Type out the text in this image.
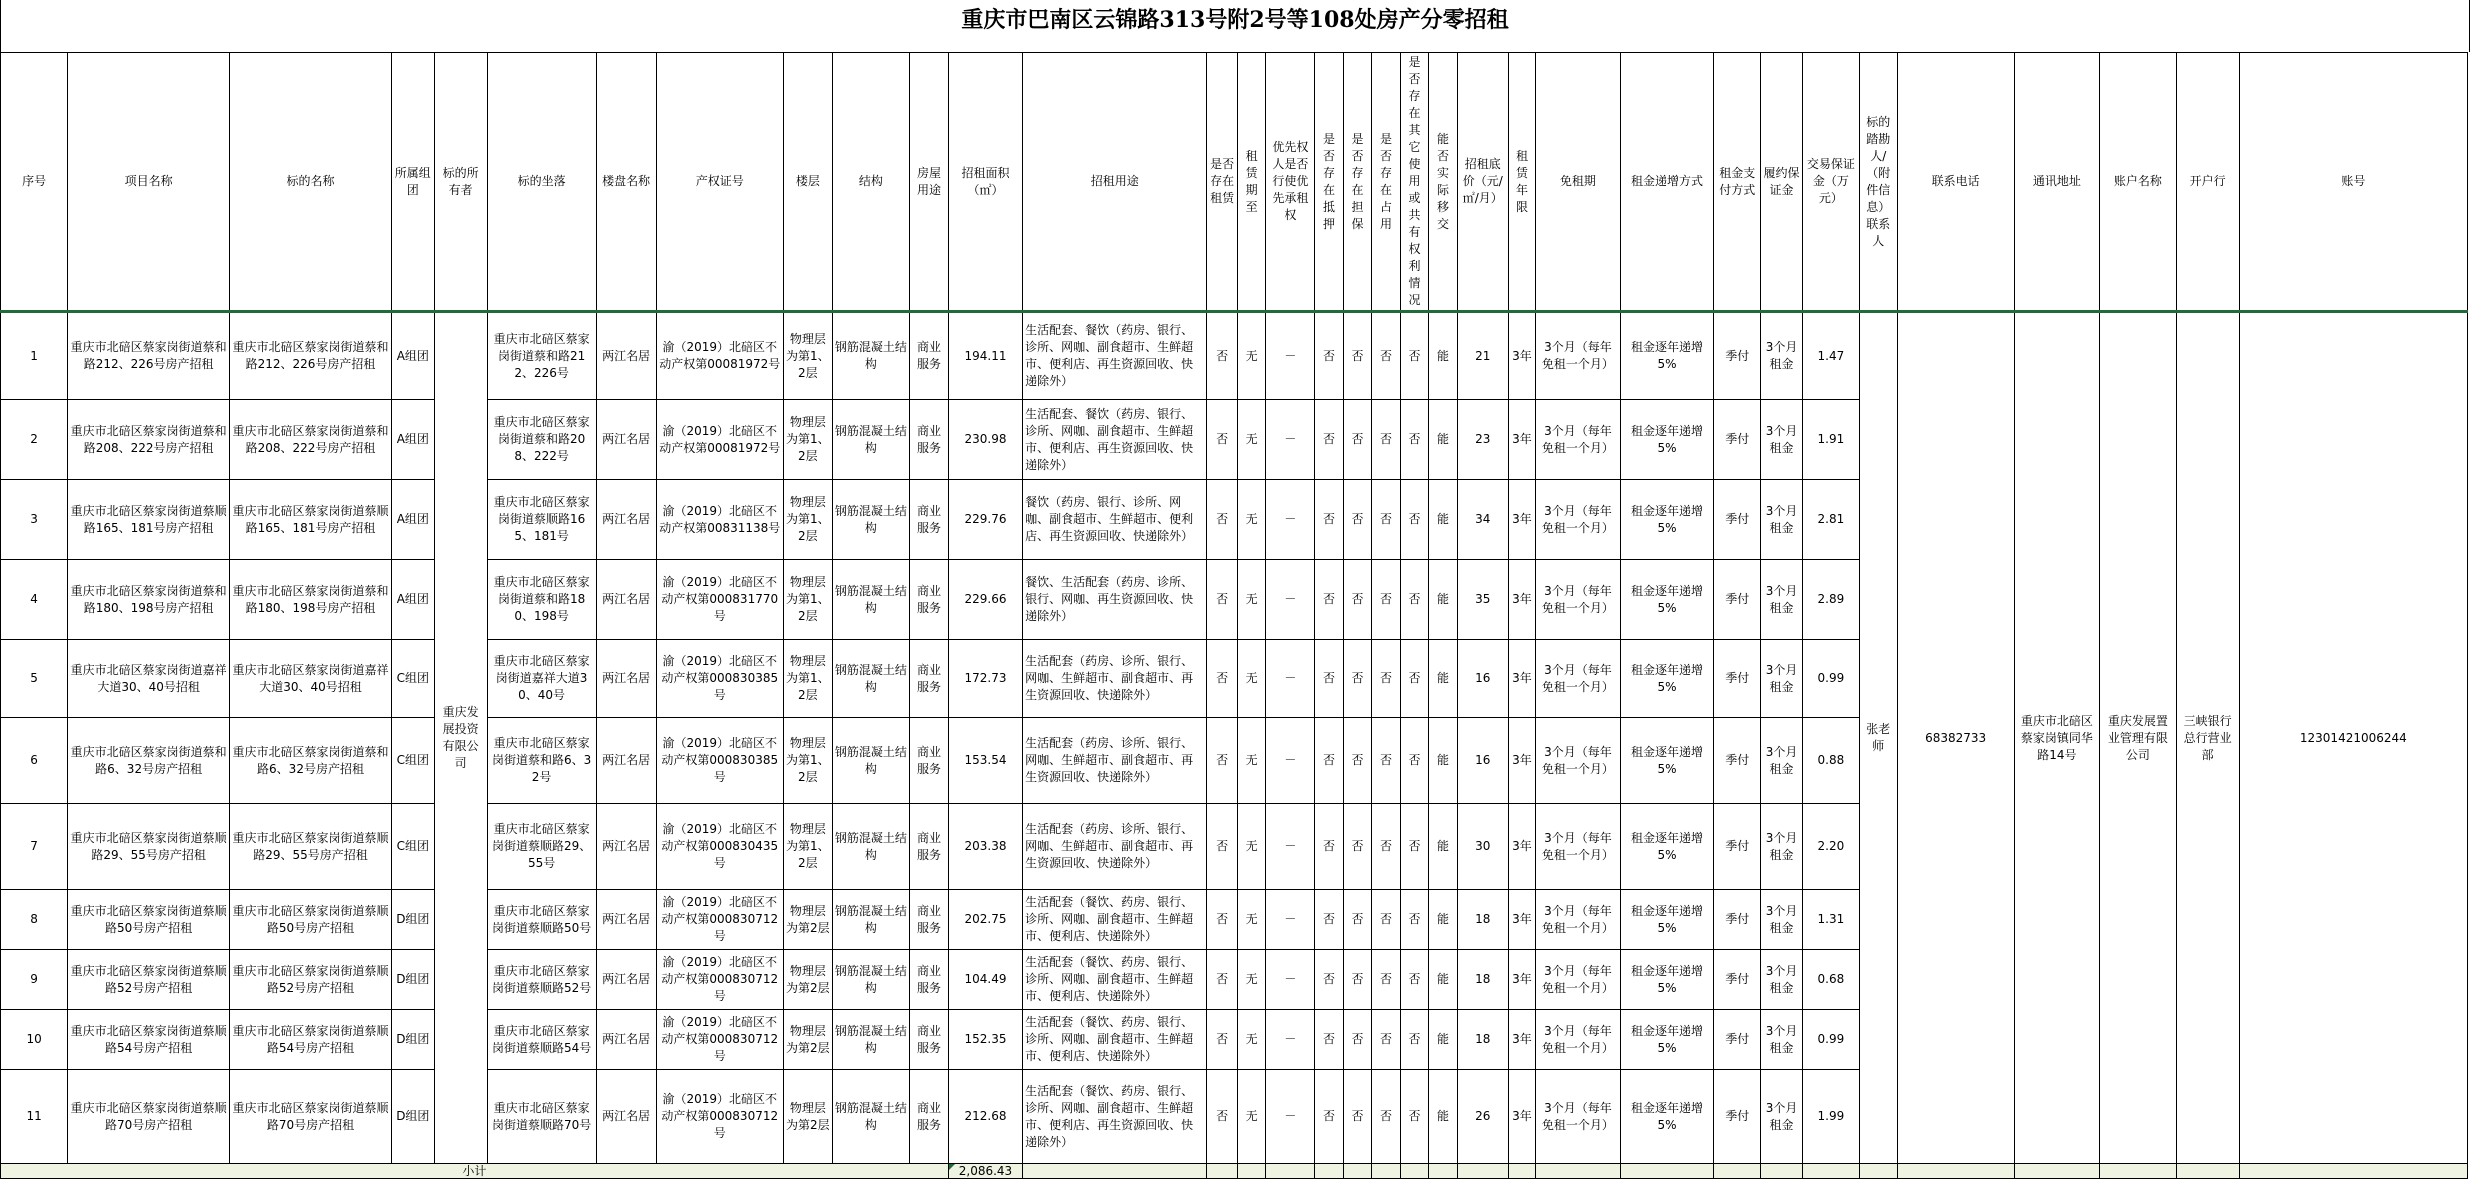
重庆市巴南区云锦路313号附2号等108处房产分零招租
序号	项目名称	标的名称	所属组团	标的所有者	标的坐落	楼盘名称	产权证号	楼层	结构	房屋用途	招租面积（㎡）	招租用途	是否存在租赁	租赁期至	优先权人是否行使优先承租权	是否存在抵押	是否存在担保	是否存在占用	是否存在其它使用或共有权利情况	能否实际移交	招租底价（元/㎡/月）	租赁年限	免租期	租金递增方式	租金支付方式	履约保证金	交易保证金（万元）	标的踏勘人/（附件信息）联系人	联系电话	通讯地址	账户名称	开户行	账号
1	重庆市北碚区蔡家岗街道蔡和路212、226号房产招租	重庆市北碚区蔡家岗街道蔡和路212、226号房产招租	A组团	重庆发展投资有限公司	重庆市北碚区蔡家岗街道蔡和路212、226号	两江名居	渝（2019）北碚区不动产权第000819​72号	物理层为第1、2层	钢筋混凝土结构	商业服务	194.11	生活配套、餐饮（药房、银行、诊所、网咖、副食超市、生鲜超市、便利店、再生资源回收、快递除外）	否	无	－	否	否	否	否	能	21	3年	3个月（每年免租一个月）	租金逐年递增5%	季付	3个月租金	1.47	张老师	68382733	重庆市北碚区蔡家岗镇同华路14号	重庆发展置业管理有限公司	三峡银行总行营业部	12301421006244
2	重庆市北碚区蔡家岗街道蔡和路208、222号房产招租	重庆市北碚区蔡家岗街道蔡和路208、222号房产招租	A组团		重庆市北碚区蔡家岗街道蔡和路208、222号	两江名居	渝（2019）北碚区不动产权第00081972号	物理层为第1、2层	钢筋混凝土结构	商业服务	230.98	生活配套、餐饮（药房、银行、诊所、网咖、副食超市、生鲜超市、便利店、再生资源回收、快递除外）	否	无	－	否	否	否	否	能	23	3年	3个月（每年免租一个月）	租金逐年递增5%	季付	3个月租金	1.91						
3	重庆市北碚区蔡家岗街道蔡顺路165、181号房产招租	重庆市北碚区蔡家岗街道蔡顺路165、181号房产招租	A组团		重庆市北碚区蔡家岗街道蔡顺路165、181号	两江名居	渝（2019）北碚区不动产权第00831138号	物理层为第1、2层	钢筋混凝土结构	商业服务	229.76	餐饮（药房、银行、诊所、网咖、副食超市、生鲜超市、便利店、再生资源回收、快递除外）	否	无	－	否	否	否	否	能	34	3年	3个月（每年免租一个月）	租金逐年递增5%	季付	3个月租金	2.81						
4	重庆市北碚区蔡家岗街道蔡和路180、198号房产招租	重庆市北碚区蔡家岗街道蔡和路180、198号房产招租	A组团		重庆市北碚区蔡家岗街道蔡和路180、198号	两江名居	渝（2019）北碚区不动产权第000831770号	物理层为第1、2层	钢筋混凝土结构	商业服务	229.66	餐饮、生活配套（药房、诊所、银行、网咖、再生资源回收、快递除外）	否	无	－	否	否	否	否	能	35	3年	3个月（每年免租一个月）	租金逐年递增5%	季付	3个月租金	2.89						
5	重庆市北碚区蔡家岗街道嘉祥大道30、40号招租	重庆市北碚区蔡家岗街道嘉祥大道30、40号招租	C组团		重庆市北碚区蔡家岗街道嘉祥大道30、40号	两江名居	渝（2019）北碚区不动产权第000830385号	物理层为第1、2层	钢筋混凝土结构	商业服务	172.73	生活配套（药房、诊所、银行、网咖、生鲜超市、副食超市、再生资源回收、快递除外）	否	无	－	否	否	否	否	能	16	3年	3个月（每年免租一个月）	租金逐年递增5%	季付	3个月租金	0.99						
6	重庆市北碚区蔡家岗街道蔡和路6、32号房产招租	重庆市北碚区蔡家岗街道蔡和路6、32号房产招租	C组团		重庆市北碚区蔡家岗街道蔡和路6、32号	两江名居	渝（2019）北碚区不动产权第000830385号	物理层为第1、2层	钢筋混凝土结构	商业服务	153.54	生活配套（药房、诊所、银行、网咖、生鲜超市、副食超市、再生资源回收、快递除外）	否	无	－	否	否	否	否	能	16	3年	3个月（每年免租一个月）	租金逐年递增5%	季付	3个月租金	0.88						
7	重庆市北碚区蔡家岗街道蔡顺路29、55号房产招租	重庆市北碚区蔡家岗街道蔡顺路29、55号房产招租	C组团		重庆市北碚区蔡家岗街道蔡顺路29、55号	两江名居	渝（2019）北碚区不动产权第000830435号	物理层为第1、2层	钢筋混凝土结构	商业服务	203.38	生活配套（药房、诊所、银行、网咖、生鲜超市、副食超市、再生资源回收、快递除外）	否	无	－	否	否	否	否	能	30	3年	3个月（每年免租一个月）	租金逐年递增5%	季付	3个月租金	2.20						
8	重庆市北碚区蔡家岗街道蔡顺路50号房产招租	重庆市北碚区蔡家岗街道蔡顺路50号房产招租	D组团		重庆市北碚区蔡家岗街道蔡顺路50号	两江名居	渝（2019）北碚区不动产权第000830712号	物理层为第2层	钢筋混凝土结构	商业服务	202.75	生活配套（餐饮、药房、银行、诊所、网咖、副食超市、生鲜超市、便利店、快递除外）	否	无	－	否	否	否	否	能	18	3年	3个月（每年免租一个月）	租金逐年递增5%	季付	3个月租金	1.31						
9	重庆市北碚区蔡家岗街道蔡顺路52号房产招租	重庆市北碚区蔡家岗街道蔡顺路52号房产招租	D组团		重庆市北碚区蔡家岗街道蔡顺路52号	两江名居	渝（2019）北碚区不动产权第000830712号	物理层为第2层	钢筋混凝土结构	商业服务	104.49	生活配套（餐饮、药房、银行、诊所、网咖、副食超市、生鲜超市、便利店、快递除外）	否	无	－	否	否	否	否	能	18	3年	3个月（每年免租一个月）	租金逐年递增5%	季付	3个月租金	0.68						
10	重庆市北碚区蔡家岗街道蔡顺路54号房产招租	重庆市北碚区蔡家岗街道蔡顺路54号房产招租	D组团		重庆市北碚区蔡家岗街道蔡顺路54号	两江名居	渝（2019）北碚区不动产权第000830712号	物理层为第2层	钢筋混凝土结构	商业服务	152.35	生活配套（餐饮、药房、银行、诊所、网咖、副食超市、生鲜超市、便利店、快递除外）	否	无	－	否	否	否	否	能	18	3年	3个月（每年免租一个月）	租金逐年递增5%	季付	3个月租金	0.99						
11	重庆市北碚区蔡家岗街道蔡顺路70号房产招租	重庆市北碚区蔡家岗街道蔡顺路70号房产招租	D组团		重庆市北碚区蔡家岗街道蔡顺路70号	两江名居	渝（2019）北碚区不动产权第000830712号	物理层为第2层	钢筋混凝土结构	商业服务	212.68	生活配套（餐饮、药房、银行、诊所、网咖、副食超市、生鲜超市、便利店、再生资源回收、快递除外）	否	无	－	否	否	否	否	能	26	3年	3个月（每年免租一个月）	租金逐年递增5%	季付	3个月租金	1.99						
小计											2,086.43																						
